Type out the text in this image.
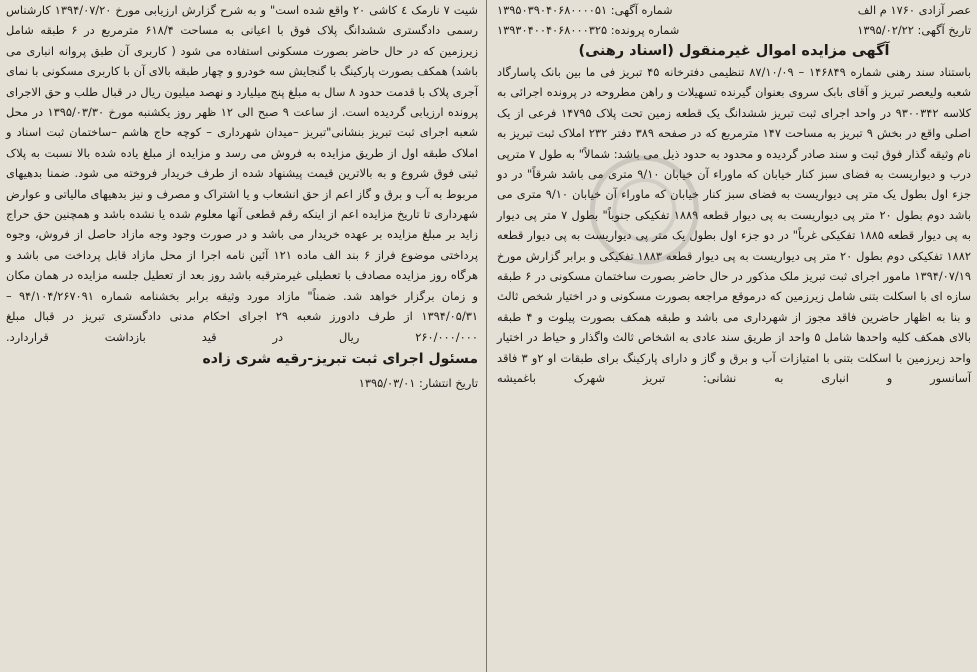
عصر آزادی ۱۷۶۰ م الف
شماره آگهی: ۱۳۹۵۰۳۹۰۴۰۶۸۰۰۰۰۵۱
تاریخ آگهی: ۱۳۹۵/۰۲/۲۲
شماره پرونده: ۱۳۹۳۰۴۰۰۴۰۶۸۰۰۰۳۲۵
آگهی مزایده اموال غیرمنقول (اسناد رهنی)

باستناد سند رهنی شماره ۱۴۶۸۴۹ – ۸۷/۱۰/۰۹ تنظیمی دفترخانه ۴۵ تبریز فی ما بین بانک پاسارگاد شعبه ولیعصر تبریز و آقای بابک سروی بعنوان گیرنده تسهیلات و راهن مطروحه در پرونده اجرائی به کلاسه ۹۳۰۰۳۴۲ در واحد اجرای ثبت تبریز ششدانگ یک قطعه زمین تحت پلاک ۱۴۷۹۵ فرعی از یک اصلی واقع در بخش ۹ تبریز به مساحت ۱۴۷ مترمربع که در صفحه ۳۸۹ دفتر ۲۳۲ املاک ثبت تبریز به نام وثیقه گذار فوق ثبت و سند صادر گردیده و محدود به حدود ذیل می باشد: شمالاً" به طول ۷ مترپی درب و دیواریست به فضای سبز کنار خیابان که ماوراء آن خیابان ۹/۱۰ متری می باشد شرقاً" در دو جزء اول بطول یک متر پی دیواریست به فضای سبز کنار خیابان که ماوراء آن خیابان ۹/۱۰ متری می باشد دوم بطول ۲۰ متر پی دیواریست به پی دیوار قطعه ۱۸۸۹ تفکیکی جنوباً" بطول ۷ متر پی دیوار به پی دیوار قطعه ۱۸۸۵ تفکیکی غرباً" در دو جزء اول بطول یک متر پی دیواریست به پی دیوار قطعه ۱۸۸۲ تفکیکی دوم بطول ۲۰ متر پی دیواریست به پی دیوار قطعه ۱۸۸۳ تفکیکی و برابر گزارش مورخ ۱۳۹۴/۰۷/۱۹ مامور اجرای ثبت تبریز ملک مذکور در حال حاضر بصورت ساختمان مسکونی در ۶ طبقه سازه ای با اسکلت بتنی شامل زیرزمین که درموقع مراجعه بصورت مسکونی و در اختیار شخص ثالث و بنا به اظهار حاضرین فاقد مجوز از شهرداری می باشد و طبقه همکف بصورت پیلوت و ۴ طبقه بالای همکف کلیه واحدها شامل ۵ واحد از طریق سند عادی به اشخاص ثالث واگذار و حیاط در اختیار واحد زیرزمین با اسکلت بتنی با امتیازات آب و برق و گاز و دارای پارکینگ برای طبقات او ۲و ۳ فاقد آسانسور و انباری به نشانی: تبریز شهرک باغمیشه

شیت ۷ نارمک ٤ کاشی ۲۰ واقع شده است" و به شرح گزارش ارزیابی مورخ ۱۳۹۴/۰۷/۲۰ کارشناس رسمی دادگستری ششدانگ پلاک فوق با اعیانی به مساحت ۶۱۸/۴ مترمربع در ۶ طبقه شامل زیرزمین که در حال حاضر بصورت مسکونی استفاده می شود ( کاربری آن طبق پروانه انباری می باشد) همکف بصورت پارکینگ با گنجایش سه خودرو و چهار طبقه بالای آن با کاربری مسکونی با نمای آجری پلاک با قدمت حدود ۸ سال به مبلغ پنج میلیارد و نهصد میلیون ریال در قبال طلب و حق الاجرای پرونده ارزیابی گردیده است. از ساعت ۹ صبح الی ۱۲ ظهر روز یکشنبه مورخ ۱۳۹۵/۰۳/۳۰ در محل شعبه اجرای ثبت تبریز بنشانی"تبریز –میدان شهرداری – کوچه حاج هاشم –ساختمان ثبت اسناد و املاک طبقه اول از طریق مزایده به فروش می رسد و مزایده از مبلغ یاده شده بالا نسبت به پلاک ثبتی فوق شروع و به بالاترین قیمت پیشنهاد شده از طرف خریدار فروخته می شود. ضمنا بدهیهای مربوط به آب و برق و گاز اعم از حق انشعاب و یا اشتراک و مصرف و نیز بدهیهای مالیاتی و عوارض شهرداری تا تاریخ مزایده اعم از اینکه رقم قطعی آنها معلوم شده یا نشده باشد و همچنین حق حراج زاید بر مبلغ مزایده بر عهده خریدار می باشد و در صورت وجود وجه مازاد حاصل از فروش، وجوه پرداختی موضوع فراز ۶ بند الف ماده ۱۲۱ آئین نامه اجرا از محل مازاد قابل پرداخت می باشد و هرگاه روز مزایده مصادف با تعطیلی غیرمترقبه باشد روز بعد از تعطیل جلسه مزایده در همان مکان و زمان برگزار خواهد شد. ضمناً" مازاد مورد وثیقه برابر بخشنامه شماره ۹۴/۱۰۴/۲۶۷۰۹۱ – ۱۳۹۴/۰۵/۳۱ از طرف دادورز شعبه ۲۹ اجرای احکام مدنی دادگستری تبریز در قبال مبلغ ۲۶۰/۰۰۰/۰۰۰ ریال در قید بازداشت قراردارد.

مسئول اجرای ثبت تبریز-رقیه شری زاده

تاریخ انتشار: ۱۳۹۵/۰۳/۰۱
